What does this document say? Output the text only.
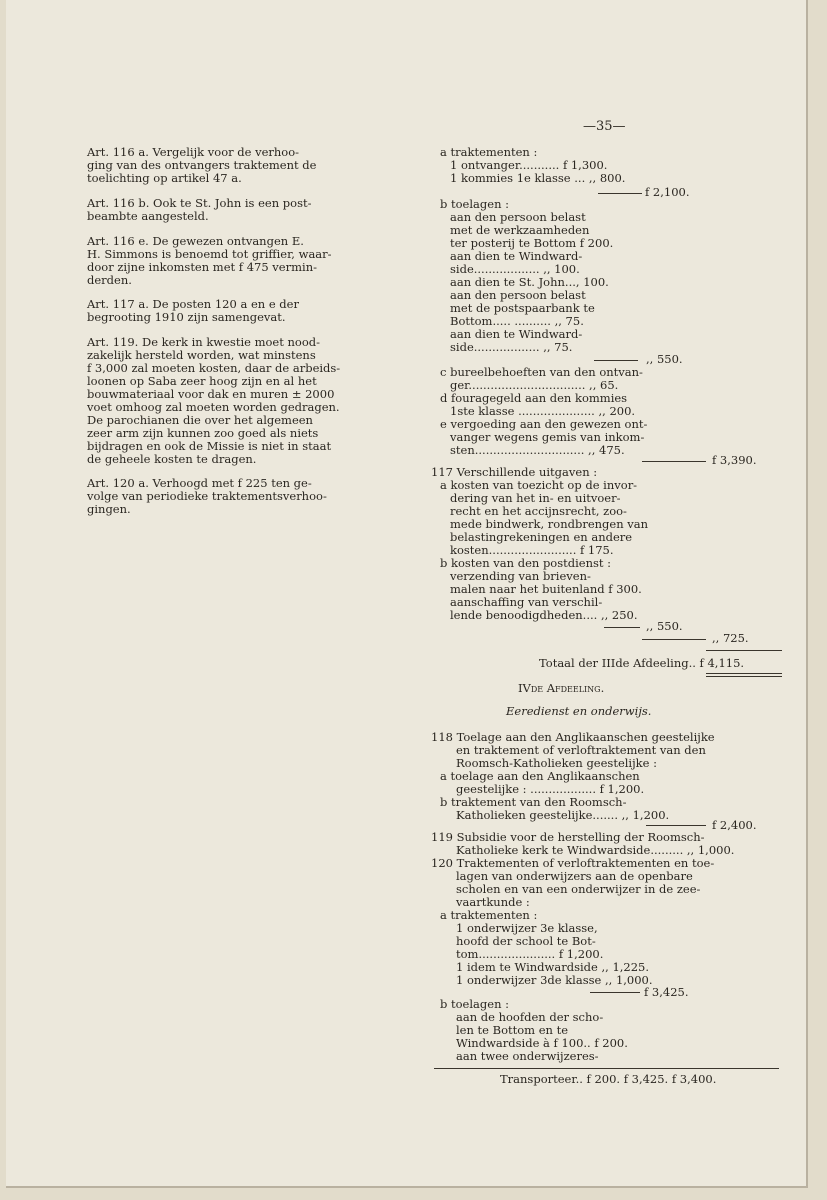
—35—
Art. 116 a. Vergelijk voor de verhoo-
ging van des ontvangers traktement de
toelichting op artikel 47 a.
Art. 116 b. Ook te St. John is een post-
beambte aangesteld.
Art. 116 e. De gewezen ontvangen E.
H. Simmons is benoemd tot griffier, waar-
door zijne inkomsten met f 475 vermin-
derden.
Art. 117 a. De posten 120 a en e der
begrooting 1910 zijn samengevat.
Art. 119. De kerk in kwestie moet nood-
zakelijk hersteld worden, wat minstens
f 3,000 zal moeten kosten, daar de arbeids-
loonen op Saba zeer hoog zijn en al het
bouwmateriaal voor dak en muren ± 2000
voet omhoog zal moeten worden gedragen.
De parochianen die over het algemeen
zeer arm zijn kunnen zoo goed als niets
bijdragen en ook de Missie is niet in staat
de geheele kosten te dragen.
Art. 120 a. Verhoogd met f 225 ten ge-
volge van periodieke traktementsverhoo-
gingen.
a traktementen :
1 ontvanger........... f 1,300.
1 kommies 1e klasse ... ,, 800.
f 2,100.
b toelagen :
aan den persoon belast
met de werkzaamheden
ter posterij te Bottom f 200.
aan dien te Windward-
side.................. ,, 100.
aan dien te St. John..., 100.
aan den persoon belast
met de postspaarbank te
Bottom..... .......... ,, 75.
aan dien te Windward-
side.................. ,, 75.
,, 550.
c bureelbehoeften van den ontvan-
ger................................ ,, 65.
d fouragegeld aan den kommies
1ste klasse ..................... ,, 200.
e vergoeding aan den gewezen ont-
vanger wegens gemis van inkom-
sten.............................. ,, 475.
f 3,390.
117 Verschillende uitgaven :
a kosten van toezicht op de invor-
dering van het in- en uitvoer-
recht en het accijnsrecht, zoo-
mede bindwerk, rondbrengen van
belastingrekeningen en andere
kosten........................ f 175.
b kosten van den postdienst :
verzending van brieven-
malen naar het buitenland f 300.
aanschaffing van verschil-
lende benoodigdheden.... ,, 250.
,, 550.
,, 725.
Totaal der IIIde Afdeeling.. f 4,115.
IVde Afdeeling.
Eeredienst en onderwijs.
118 Toelage aan den Anglikaanschen geestelijke
en traktement of verloftraktement van den
Roomsch-Katholieken geestelijke :
a toelage aan den Anglikaanschen
geestelijke : .................. f 1,200.
b traktement van den Roomsch-
Katholieken geestelijke....... ,, 1,200.
f 2,400.
119 Subsidie voor de herstelling der Roomsch-
Katholieke kerk te Windwardside......... ,, 1,000.
120 Traktementen of verloftraktementen en toe-
lagen van onderwijzers aan de openbare
scholen en van een onderwijzer in de zee-
vaartkunde :
a traktementen :
1 onderwijzer 3e klasse,
hoofd der school te Bot-
tom..................... f 1,200.
1 idem te Windwardside ,, 1,225.
1 onderwijzer 3de klasse ,, 1,000.
f 3,425.
b toelagen :
aan de hoofden der scho-
len te Bottom en te
Windwardside à f 100.. f 200.
aan twee onderwijzeres-
Transporteer.. f 200. f 3,425. f 3,400.
